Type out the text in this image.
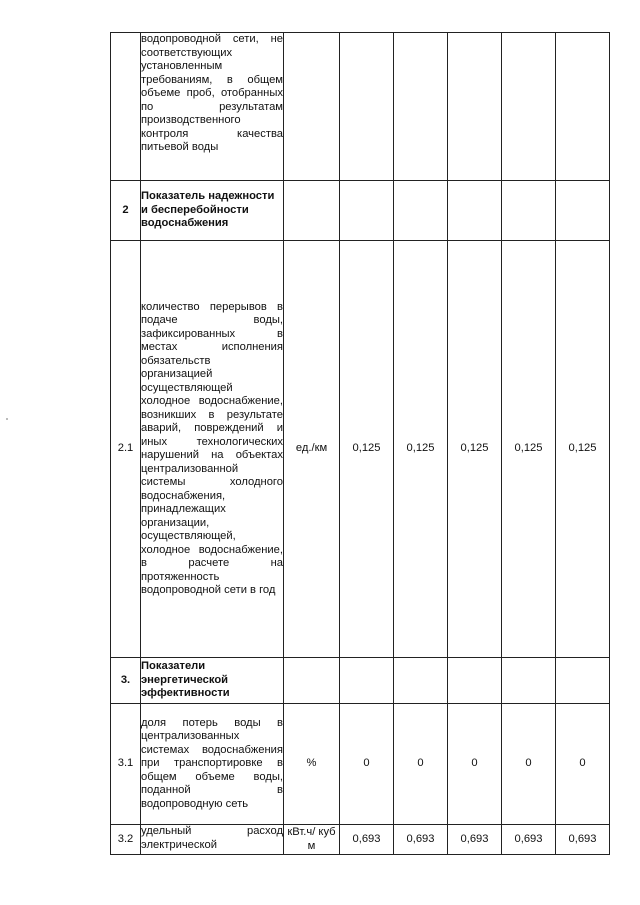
	водопроводной сети, не соответствующих установленным требованиям, в общем объеме проб, отобранных по результатам производственного контроля качества питьевой воды						
2	Показатель надежности и бесперебойности водоснабжения						
2.1	количество перерывов в подаче воды, зафиксированных в местах исполнения обязательств организацией осуществляющей холодное водоснабжение, возникших в результате аварий, повреждений и иных технологических нарушений на объектах централизованной системы холодного водоснабжения, принадлежащих организации, осуществляющей, холодное водоснабжение, в расчете на протяженность водопроводной сети в год	ед./км	0,125	0,125	0,125	0,125	0,125
3.	Показатели энергетической эффективности						
3.1	доля потерь воды в централизованных системах водоснабжения при транспортировке в общем объеме воды, поданной в водопроводную сеть	%	0	0	0	0	0
3.2	удельный расход электрической	кВт.ч/ куб м	0,693	0,693	0,693	0,693	0,693
